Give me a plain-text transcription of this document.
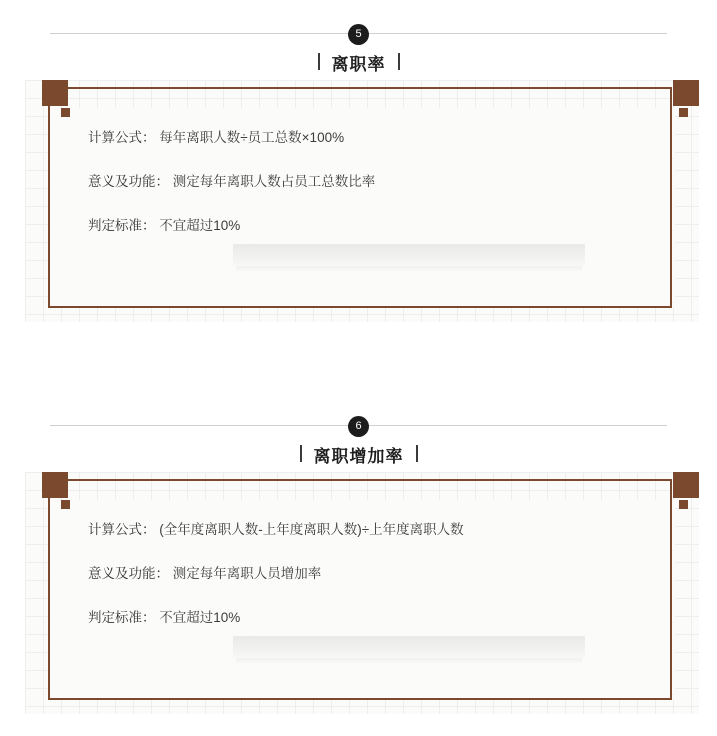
5
离职率
计算公式： 每年离职人数÷员工总数×100%
意义及功能： 测定每年离职人数占员工总数比率
判定标准： 不宜超过10%
6
离职增加率
计算公式： (全年度离职人数-上年度离职人数)÷上年度离职人数
意义及功能： 测定每年离职人员增加率
判定标准： 不宜超过10%
